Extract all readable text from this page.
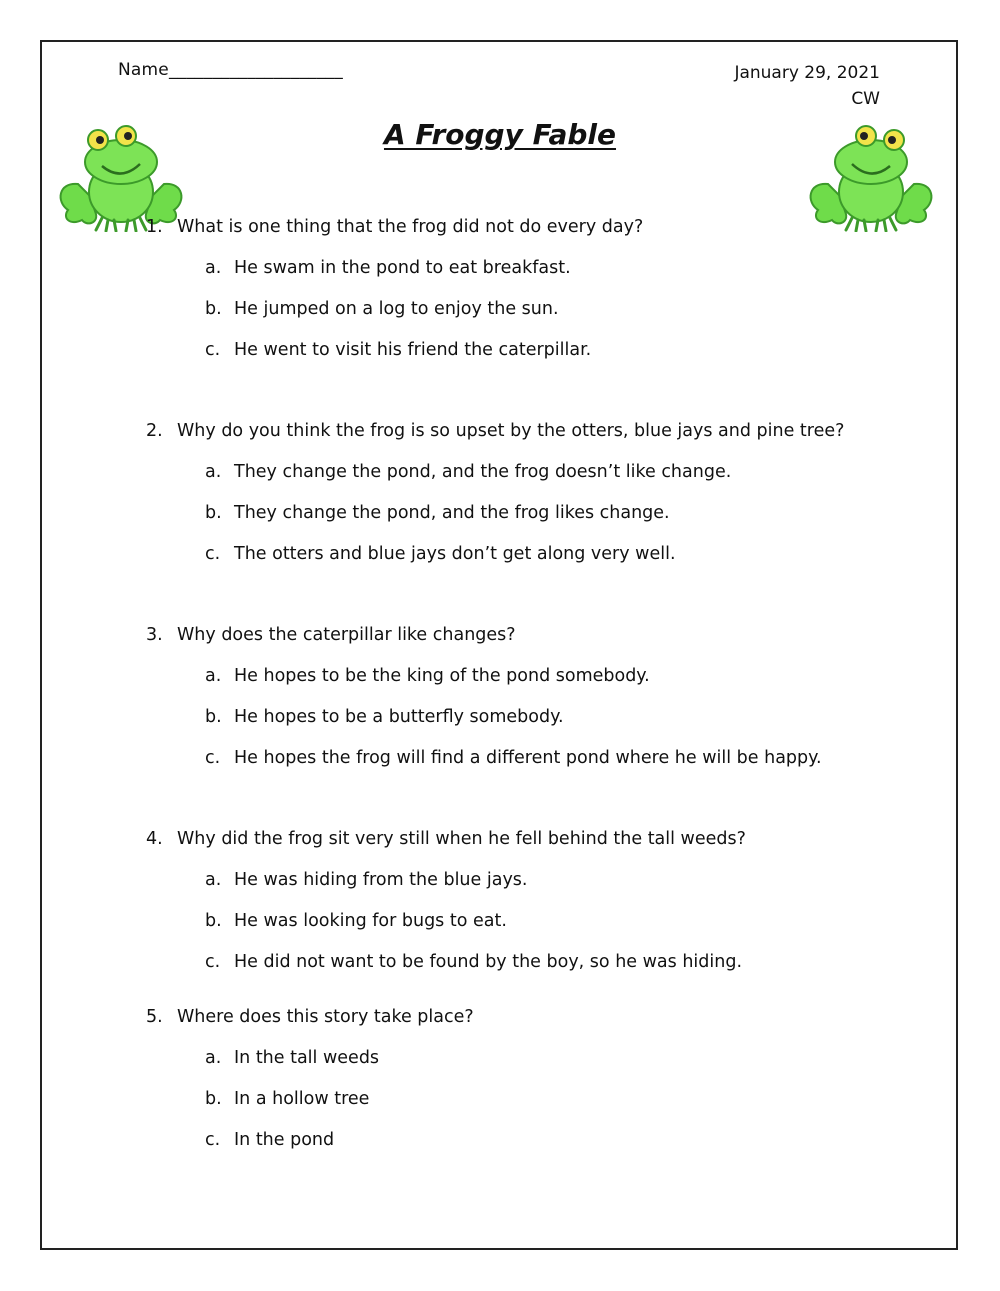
Name____________________	January 29, 2021
CW
A Froggy Fable
1. What is one thing that the frog did not do every day?
a. He swam in the pond to eat breakfast.
b. He jumped on a log to enjoy the sun.
c. He went to visit his friend the caterpillar.
2. Why do you think the frog is so upset by the otters, blue jays and pine tree?
a. They change the pond, and the frog doesn’t like change.
b. They change the pond, and the frog likes change.
c. The otters and blue jays don’t get along very well.
3. Why does the caterpillar like changes?
a. He hopes to be the king of the pond somebody.
b. He hopes to be a butterfly somebody.
c. He hopes the frog will find a different pond where he will be happy.
4. Why did the frog sit very still when he fell behind the tall weeds?
a. He was hiding from the blue jays.
b. He was looking for bugs to eat.
c. He did not want to be found by the boy, so he was hiding.
5. Where does this story take place?
a. In the tall weeds
b. In a hollow tree
c. In the pond
